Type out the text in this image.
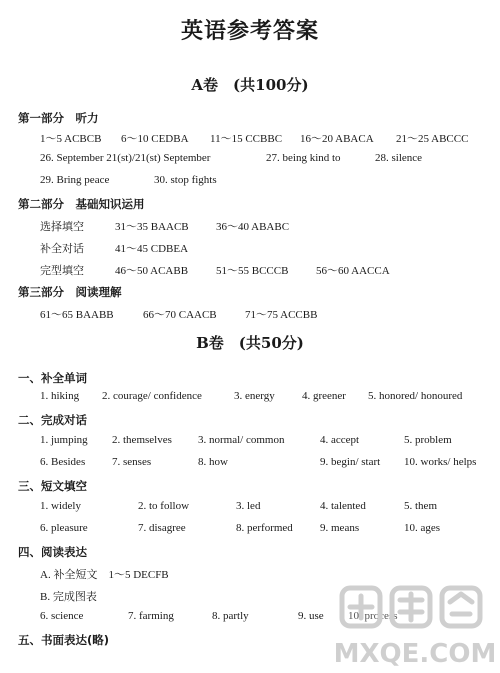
英语参考答案
A卷　(共100分)
第一部分　听力
1～5 ACBCB 6～10 CEDBA 11～15 CCBBC 16～20 ABACA 21～25 ABCCC
26. September 21(st)/21(st) September	27. being kind to	28. silence
29. Bring peace	30. stop fights
第二部分　基础知识运用
选择填空	31～35 BAACB 36～40 ABABC
补全对话	41～45 CDBEA
完型填空	46～50 ACABB	51～55 BCCCB	56～60 AACCA
第三部分　阅读理解
61～65 BAABB	66～70 CAACB	71～75 ACCBB
B卷　(共50分)
一、补全单词
1. hiking 2. courage/ confidence	3. energy 4. greener 5. honored/ honoured
二、完成对话
1. jumping 2. themselves 3. normal/ common	4. accept	5. problem
6. Besides 7. senses	8. how	9. begin/ start 10. works/ helps
三、短文填空
1. widely	2. to follow	3. led	4. talented	5. them
6. pleasure	7. disagree	8. performed 9. means	10. ages
四、阅读表达
A. 补全短文　1～5 DECFB
B. 完成图表
6. science	7. farming	8. partly	9. use 10. process
五、书面表达(略)	MXQE.COM
